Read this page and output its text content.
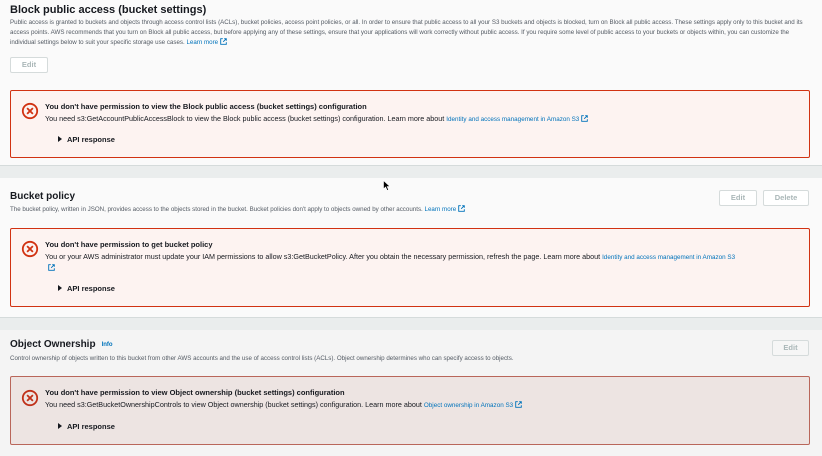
Block public access (bucket settings)
Public access is granted to buckets and objects through access control lists (ACLs), bucket policies, access point policies, or all. In order to ensure that public access to all your S3 buckets and objects is blocked, turn on Block all public access. These settings apply only to this bucket and its access points. AWS recommends that you turn on Block all public access, but before applying any of these settings, ensure that your applications will work correctly without public access. If you require some level of public access to your buckets or objects within, you can customize the individual settings below to suit your specific storage use cases. Learn more
Edit
You don't have permission to view the Block public access (bucket settings) configuration
You need s3:GetAccountPublicAccessBlock to view the Block public access (bucket settings) configuration. Learn more about Identity and access management in Amazon S3
API response
Bucket policy
The bucket policy, written in JSON, provides access to the objects stored in the bucket. Bucket policies don't apply to objects owned by other accounts. Learn more
Edit	Delete
You don't have permission to get bucket policy
You or your AWS administrator must update your IAM permissions to allow s3:GetBucketPolicy. After you obtain the necessary permission, refresh the page. Learn more about Identity and access management in Amazon S3
API response
Object Ownership Info
Control ownership of objects written to this bucket from other AWS accounts and the use of access control lists (ACLs). Object ownership determines who can specify access to objects.
Edit
You don't have permission to view Object ownership (bucket settings) configuration
You need s3:GetBucketOwnershipControls to view Object ownership (bucket settings) configuration. Learn more about Object ownership in Amazon S3
API response
